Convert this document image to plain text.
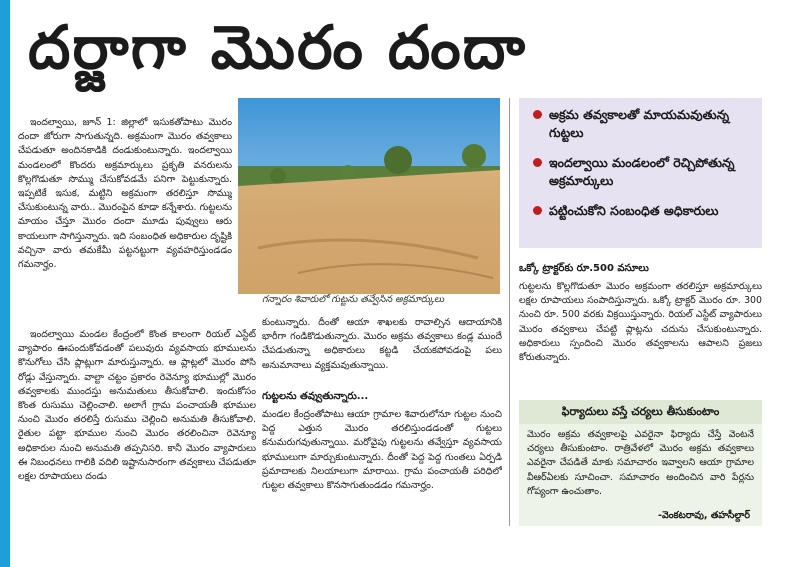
దర్జాగా మొరం దందా

ఇందల్వాయి, జూన్ 1: జిల్లాలో ఇసుకతోపాటు మొరం దందా జోరుగా సాగుతున్నది. అక్రమంగా మొరం తవ్వకాలు చేపడుతూ అందినకాడికి దండుకుంటున్నారు. ఇందల్వాయి మండలంలో కొందరు అక్రమార్కులు ప్రకృతి వనరులను కొల్లగొడుతూ సొమ్ము చేసుకోవడమే పనిగా పెట్టుకున్నారు. ఇప్పటికే ఇసుక, మట్టిని అక్రమంగా తరలిస్తూ సొమ్ము చేసుకుంటున్న వారు.. మొరంపైన కూడా కన్నేశారు. గుట్టలను మాయం చేస్తూ మొరం దందా మూడు పువ్వులు ఆరు కాయలుగా సాగిస్తున్నారు. ఇది సంబంధిత అధికారుల దృష్టికి వచ్చినా వారు తమకేమీ పట్టనట్టుగా వ్యవహరిస్తుండడం గమనార్హం.

ఇందల్వాయి మండల కేంద్రంలో కొంత కాలంగా రియల్ ఎస్టేట్ వ్యాపారం ఊపందుకోవడంతో పలువురు వ్యవసాయ భూములను కొనుగోలు చేసి ప్లాట్లుగా మారుస్తున్నారు. ఆ ప్లాట్లలో మొరం పోసి రోడ్లు వేస్తున్నారు. వాల్టా చట్టం ప్రకారం రెవెన్యూ భూముల్లో మొరం తవ్వకాలకు ముందస్తు అనుమతులు తీసుకోవాలి. ఇందుకోసం కొంత రుసుము చెల్లించాలి. అలాగే గ్రామ పంచాయతీ భూముల నుంచి మొరం తరలిస్తే రుసుము చెల్లించి అనుమతి తీసుకోవాలి. రైతుల పట్టా భూముల నుంచి మొరం తరలించినా రెవెన్యూ అధికారుల నుంచి అనుమతి తప్పనిసరి. కానీ మొరం వ్యాపారులు ఈ నిబంధనలు గాలికి వదిలి ఇష్టానుసారంగా తవ్వకాలు చేపడుతూ లక్షల రూపాయలు దండు

గన్నారం శివారులో గుట్టను తవ్వేసిన అక్రమార్కులు

కుంటున్నారు. దీంతో ఆయా శాఖలకు రావాల్సిన ఆదాయానికి భారీగా గండికొడుతున్నారు. మొరం అక్రమ తవ్వకాలు కండ్ల ముందే చేపడుతున్నా అధికారులు కట్టడి చేయకపోవడంపై పలు అనుమానాలు వ్యక్తమవుతున్నాయి.

గుట్టలను తవ్వుతున్నారు...

మండల కేంద్రంతోపాటు ఆయా గ్రామాల శివారులోనూ గుట్టల నుంచి పెద్ద ఎత్తున మొరం తరలిస్తుండడంతో గుట్టలు కనుమరుగవుతున్నాయి. మరోవైపు గుట్టలను తవ్వేస్తూ వ్యవసాయ భూములుగా మార్చుకుంటున్నారు. దీంతో పెద్ద పెద్ద గుంతలు ఏర్పడి ప్రమాదాలకు నిలయాలుగా మారాయి. గ్రామ పంచాయతీ పరిధిలో గుట్టల తవ్వకాలు కొనసాగుతుండడం గమనార్హం.

అక్రమ తవ్వకాలతో మాయమవుతున్న గుట్టలు
ఇందల్వాయి మండలంలో రెచ్చిపోతున్న అక్రమార్కులు
పట్టించుకోని సంబంధిత అధికారులు
ఒక్కో ట్రాక్టర్‌కు రూ.500 వసూలు

గుట్టలను కొల్లగొడుతూ మొరం అక్రమంగా తరలిస్తూ అక్రమార్కులు లక్షల రూపాయలు సంపాదిస్తున్నారు. ఒక్కో ట్రాక్టర్ మొరం రూ. 300 నుంచి రూ. 500 వరకు విక్రయిస్తున్నారు. రియల్ ఎస్టేట్ వ్యాపారులు మొరం తవ్వకాలు చేపట్టి ప్లాట్లను చదును చేసుకుంటున్నారు. అధికారులు స్పందించి మొరం తవ్వకాలను ఆపాలని ప్రజలు కోరుతున్నారు.

ఫిర్యాదులు వస్తే చర్యలు తీసుకుంటాం
మొరం అక్రమ తవ్వకాలపై ఎవరైనా ఫిర్యాదు చేస్తే వెంటనే చర్యలు తీసుకుంటాం. రాత్రివేళలో మొరం అక్రమ తవ్వకాలు ఎవరైనా చేపడితే మాకు సమాచారం ఇవ్వాలని ఆయా గ్రామాల వీఆర్‌ఏలకు సూచించా. సమాచారం అందించిన వారి పేర్లను గోప్యంగా ఉంచుతాం.
-వెంకటరావు, తహసీల్దార్
